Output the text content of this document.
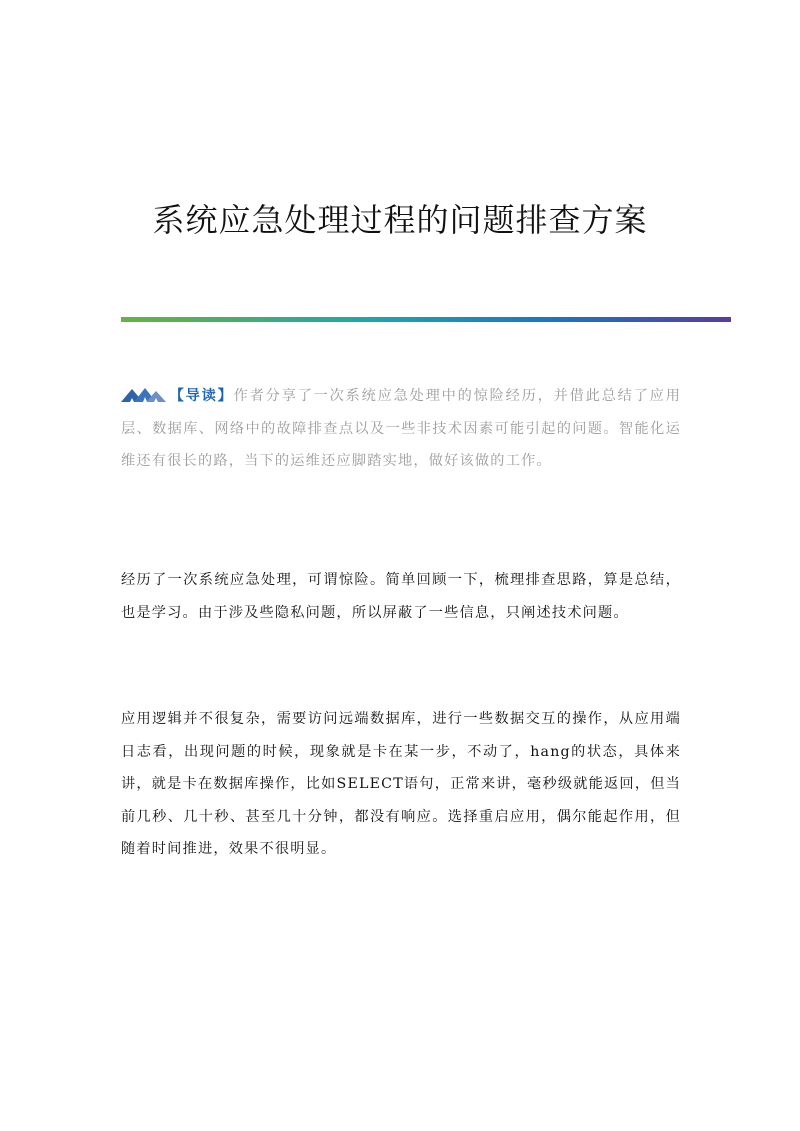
系统应急处理过程的问题排查方案
【导读】作者分享了一次系统应急处理中的惊险经历，并借此总结了应用层、数据库、网络中的故障排查点以及一些非技术因素可能引起的问题。智能化运维还有很长的路，当下的运维还应脚踏实地，做好该做的工作。

经历了一次系统应急处理，可谓惊险。简单回顾一下，梳理排查思路，算是总结，也是学习。由于涉及些隐私问题，所以屏蔽了一些信息，只阐述技术问题。

应用逻辑并不很复杂，需要访问远端数据库，进行一些数据交互的操作，从应用端日志看，出现问题的时候，现象就是卡在某一步，不动了，hang的状态，具体来讲，就是卡在数据库操作，比如SELECT语句，正常来讲，毫秒级就能返回，但当前几秒、几十秒、甚至几十分钟，都没有响应。选择重启应用，偶尔能起作用，但随着时间推进，效果不很明显。
